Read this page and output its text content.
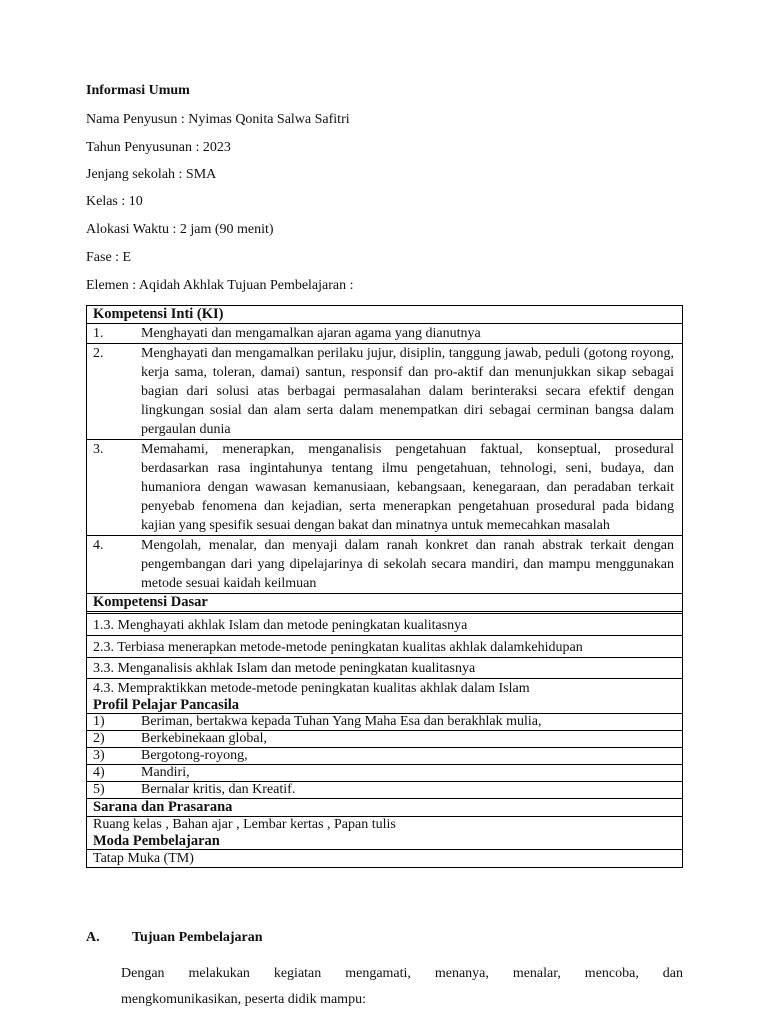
Informasi Umum
Nama Penyusun : Nyimas Qonita Salwa Safitri
Tahun Penyusunan : 2023
Jenjang sekolah : SMA
Kelas : 10
Alokasi Waktu : 2 jam (90 menit)
Fase : E
Elemen : Aqidah Akhlak Tujuan Pembelajaran :
Kompetensi Inti (KI)
1.	Menghayati dan mengamalkan ajaran agama yang dianutnya
2.	Menghayati dan mengamalkan perilaku jujur, disiplin, tanggung jawab, peduli (gotong royong, kerja sama, toleran, damai) santun, responsif dan pro-aktif dan menunjukkan sikap sebagai bagian dari solusi atas berbagai permasalahan dalam berinteraksi secara efektif dengan lingkungan sosial dan alam serta dalam menempatkan diri sebagai cerminan bangsa dalam pergaulan dunia
3.	Memahami, menerapkan, menganalisis pengetahuan faktual, konseptual, prosedural berdasarkan rasa ingintahunya tentang ilmu pengetahuan, tehnologi, seni, budaya, dan humaniora dengan wawasan kemanusiaan, kebangsaan, kenegaraan, dan peradaban terkait penyebab fenomena dan kejadian, serta menerapkan pengetahuan prosedural pada bidang kajian yang spesifik sesuai dengan bakat dan minatnya untuk memecahkan masalah
4.	Mengolah, menalar, dan menyaji dalam ranah konkret dan ranah abstrak terkait dengan pengembangan dari yang dipelajarinya di sekolah secara mandiri, dan mampu menggunakan metode sesuai kaidah keilmuan
Kompetensi Dasar
1.3. Menghayati akhlak Islam dan metode peningkatan kualitasnya
2.3. Terbiasa menerapkan metode-metode peningkatan kualitas akhlak dalamkehidupan
3.3. Menganalisis akhlak Islam dan metode peningkatan kualitasnya
4.3. Mempraktikkan metode-metode peningkatan kualitas akhlak dalam Islam
Profil Pelajar Pancasila
1)	Beriman, bertakwa kepada Tuhan Yang Maha Esa dan berakhlak mulia,
2)	Berkebinekaan global,
3)	Bergotong-royong,
4)	Mandiri,
5)	Bernalar kritis, dan Kreatif.
Sarana dan Prasarana
Ruang kelas , Bahan ajar , Lembar kertas , Papan tulis
Moda Pembelajaran
Tatap Muka (TM)
A. Tujuan Pembelajaran
Dengan melakukan kegiatan mengamati, menanya, menalar, mencoba, dan
mengkomunikasikan, peserta didik mampu:
